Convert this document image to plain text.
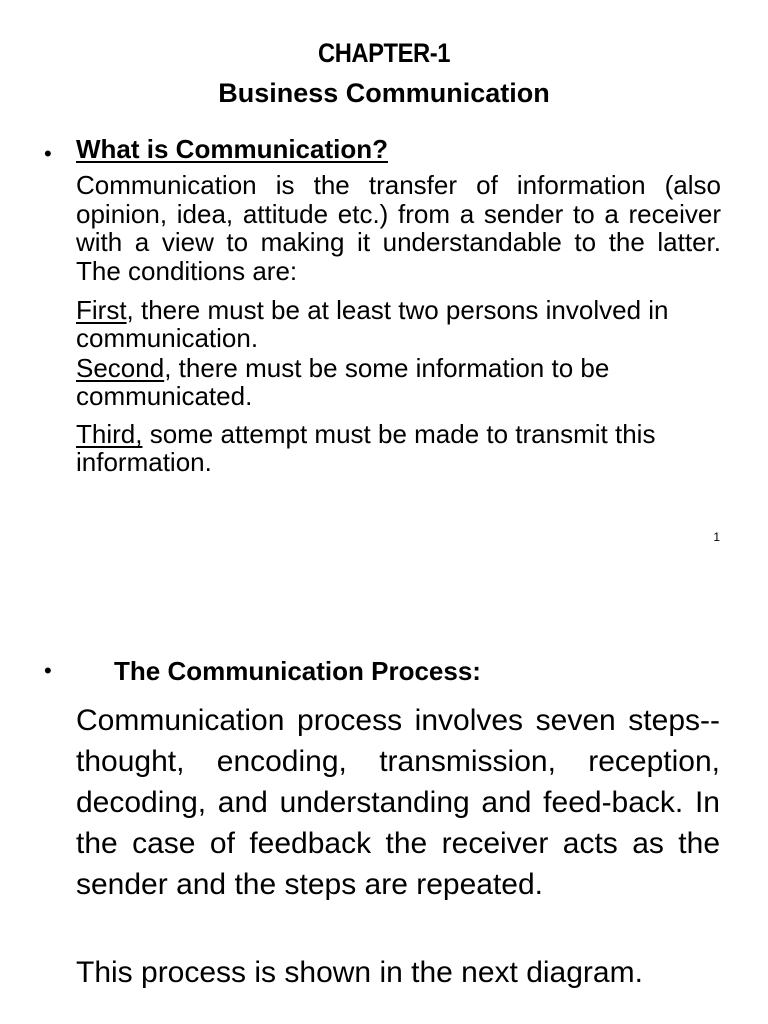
CHAPTER-1
Business Communication
• What is Communication?
Communication is the transfer of information (also opinion, idea, attitude etc.) from a sender to a receiver with a view to making it understandable to the latter. The conditions are:
First, there must be at least two persons involved in communication.
Second, there must be some information to be communicated.
Third, some attempt must be made to transmit this information.
1
• The Communication Process:
Communication process involves seven steps--thought, encoding, transmission, reception, decoding, and understanding and feed-back. In the case of feedback the receiver acts as the sender and the steps are repeated.
This process is shown in the next diagram.
